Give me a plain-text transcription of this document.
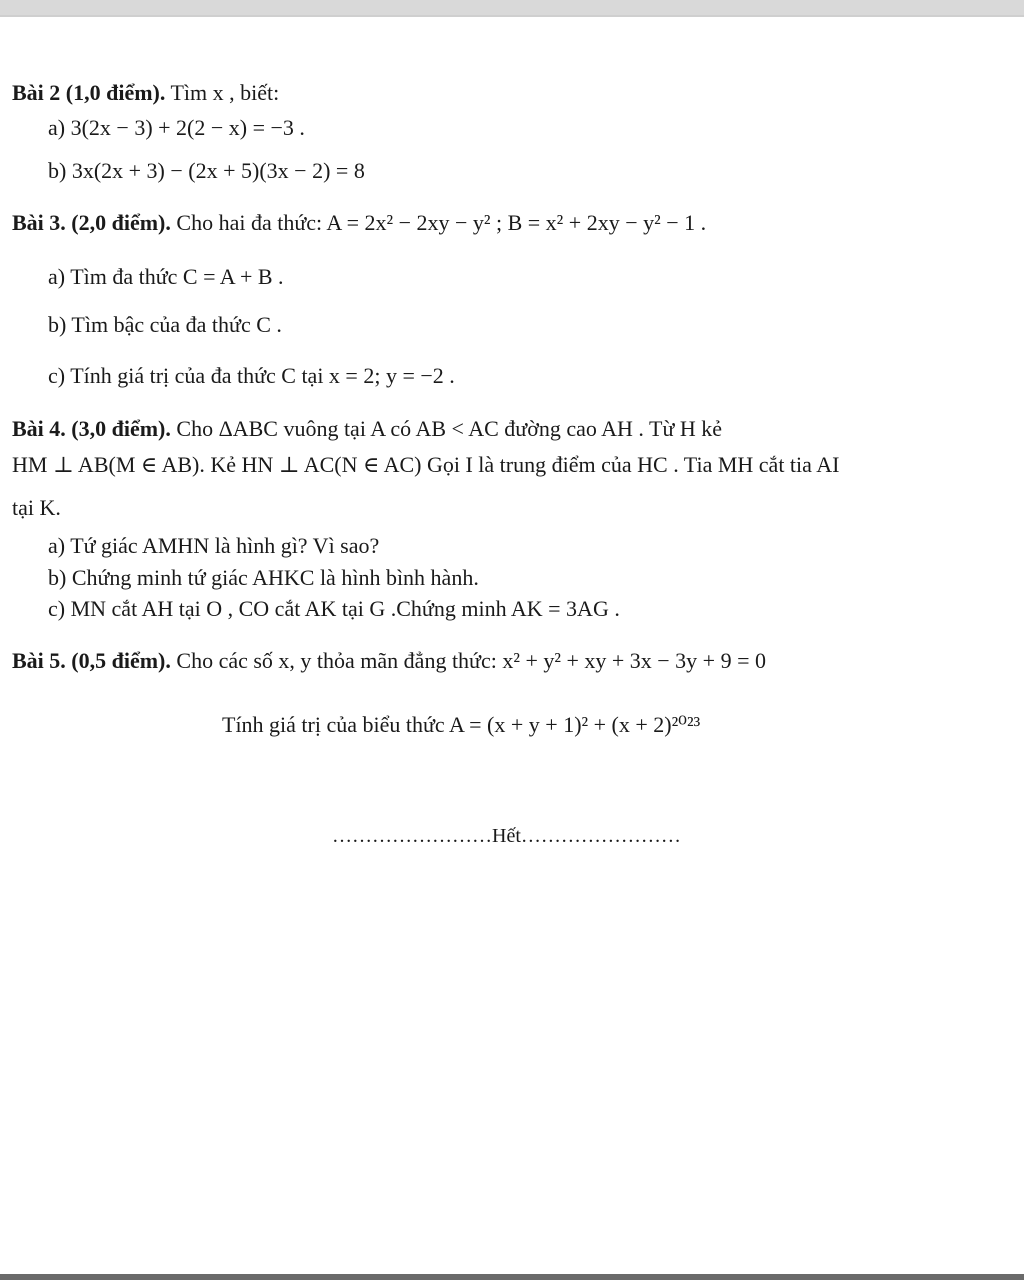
Bài 2 (1,0 điểm). Tìm x , biết:
a) 3(2x − 3) + 2(2 − x) = −3 .
b) 3x(2x + 3) − (2x + 5)(3x − 2) = 8
Bài 3. (2,0 điểm). Cho hai đa thức: A = 2x² − 2xy − y² ; B = x² + 2xy − y² − 1 .
a) Tìm đa thức C = A + B .
b) Tìm bậc của đa thức C .
c) Tính giá trị của đa thức C tại x = 2; y = −2 .
Bài 4. (3,0 điểm). Cho ΔABC vuông tại A có AB < AC đường cao AH . Từ H kẻ
HM ⊥ AB(M ∈ AB). Kẻ HN ⊥ AC(N ∈ AC) Gọi I là trung điểm của HC . Tia MH cắt tia AI
tại K.
a) Tứ giác AMHN là hình gì? Vì sao?
b) Chứng minh tứ giác AHKC là hình bình hành.
c) MN cắt AH tại O , CO cắt AK tại G .Chứng minh AK = 3AG .
Bài 5. (0,5 điểm). Cho các số x, y thỏa mãn đẳng thức: x² + y² + xy + 3x − 3y + 9 = 0
Tính giá trị của biểu thức A = (x + y + 1)² + (x + 2)²⁰²³
……………………Hết……………………
